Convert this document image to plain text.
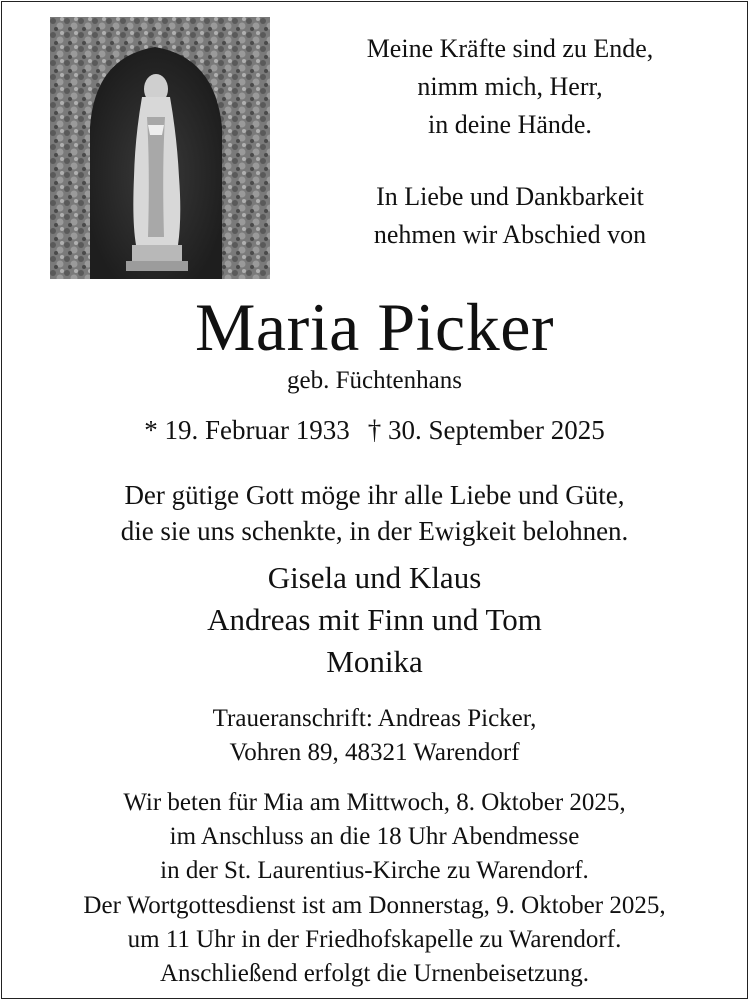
Meine Kräfte sind zu Ende,
nimm mich, Herr,
in deine Hände.
In Liebe und Dankbarkeit
nehmen wir Abschied von
Maria Picker
geb. Füchtenhans
* 19. Februar 1933 † 30. September 2025
Der gütige Gott möge ihr alle Liebe und Güte,
die sie uns schenkte, in der Ewigkeit belohnen.
Gisela und Klaus
Andreas mit Finn und Tom
Monika
Traueranschrift: Andreas Picker,
Vohren 89, 48321 Warendorf
Wir beten für Mia am Mittwoch, 8. Oktober 2025,
im Anschluss an die 18 Uhr Abendmesse
in der St. Laurentius-Kirche zu Warendorf.
Der Wortgottesdienst ist am Donnerstag, 9. Oktober 2025,
um 11 Uhr in der Friedhofskapelle zu Warendorf.
Anschließend erfolgt die Urnenbeisetzung.
